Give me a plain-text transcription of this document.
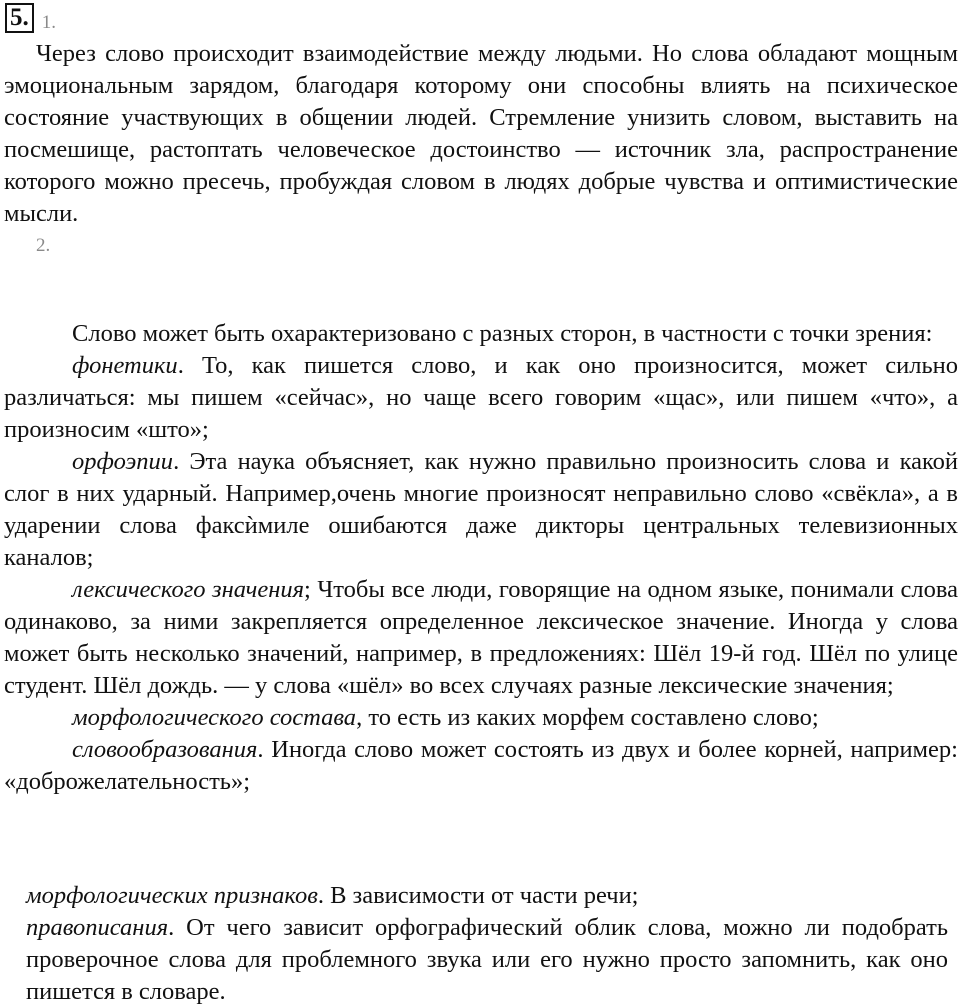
5. 1.

Через слово происходит взаимодействие между людьми. Но слова обладают мощным эмоциональным зарядом, благодаря которому они способны влиять на психическое состояние участвующих в общении людей. Стремление унизить словом, выставить на посмешище, растоптать человеческое достоинство — источник зла, распространение которого можно пресечь, пробуждая словом в людях добрые чувства и оптимистические мысли.

2.

Слово может быть охарактеризовано с разных сторон, в частности с точки зрения:

фонетики. То, как пишется слово, и как оно произносится, может сильно различаться: мы пишем «сейчас», но чаще всего говорим «щас», или пишем «что», а произносим «што»;

орфоэпии. Эта наука объясняет, как нужно правильно произносить слова и какой слог в них ударный. Например,очень многие произносят неправильно слово «свёкла», а в ударении слова факсѝмиле ошибаются даже дикторы центральных телевизионных каналов;

лексического значения; Чтобы все люди, говорящие на одном языке, понимали слова одинаково, за ними закрепляется определенное лексическое значение. Иногда у слова может быть несколько значений, например, в предложениях: Шёл 19-й год. Шёл по улице студент. Шёл дождь. — у слова «шёл» во всех случаях разные лексические значения;

морфологического состава, то есть из каких морфем составлено слово;

словообразования. Иногда слово может состоять из двух и более корней, например: «доброжелательность»;

морфологических признаков. В зависимости от части речи;

правописания. От чего зависит орфографический облик слова, можно ли подобрать проверочное слова для проблемного звука или его нужно просто запомнить, как оно пишется в словаре.
